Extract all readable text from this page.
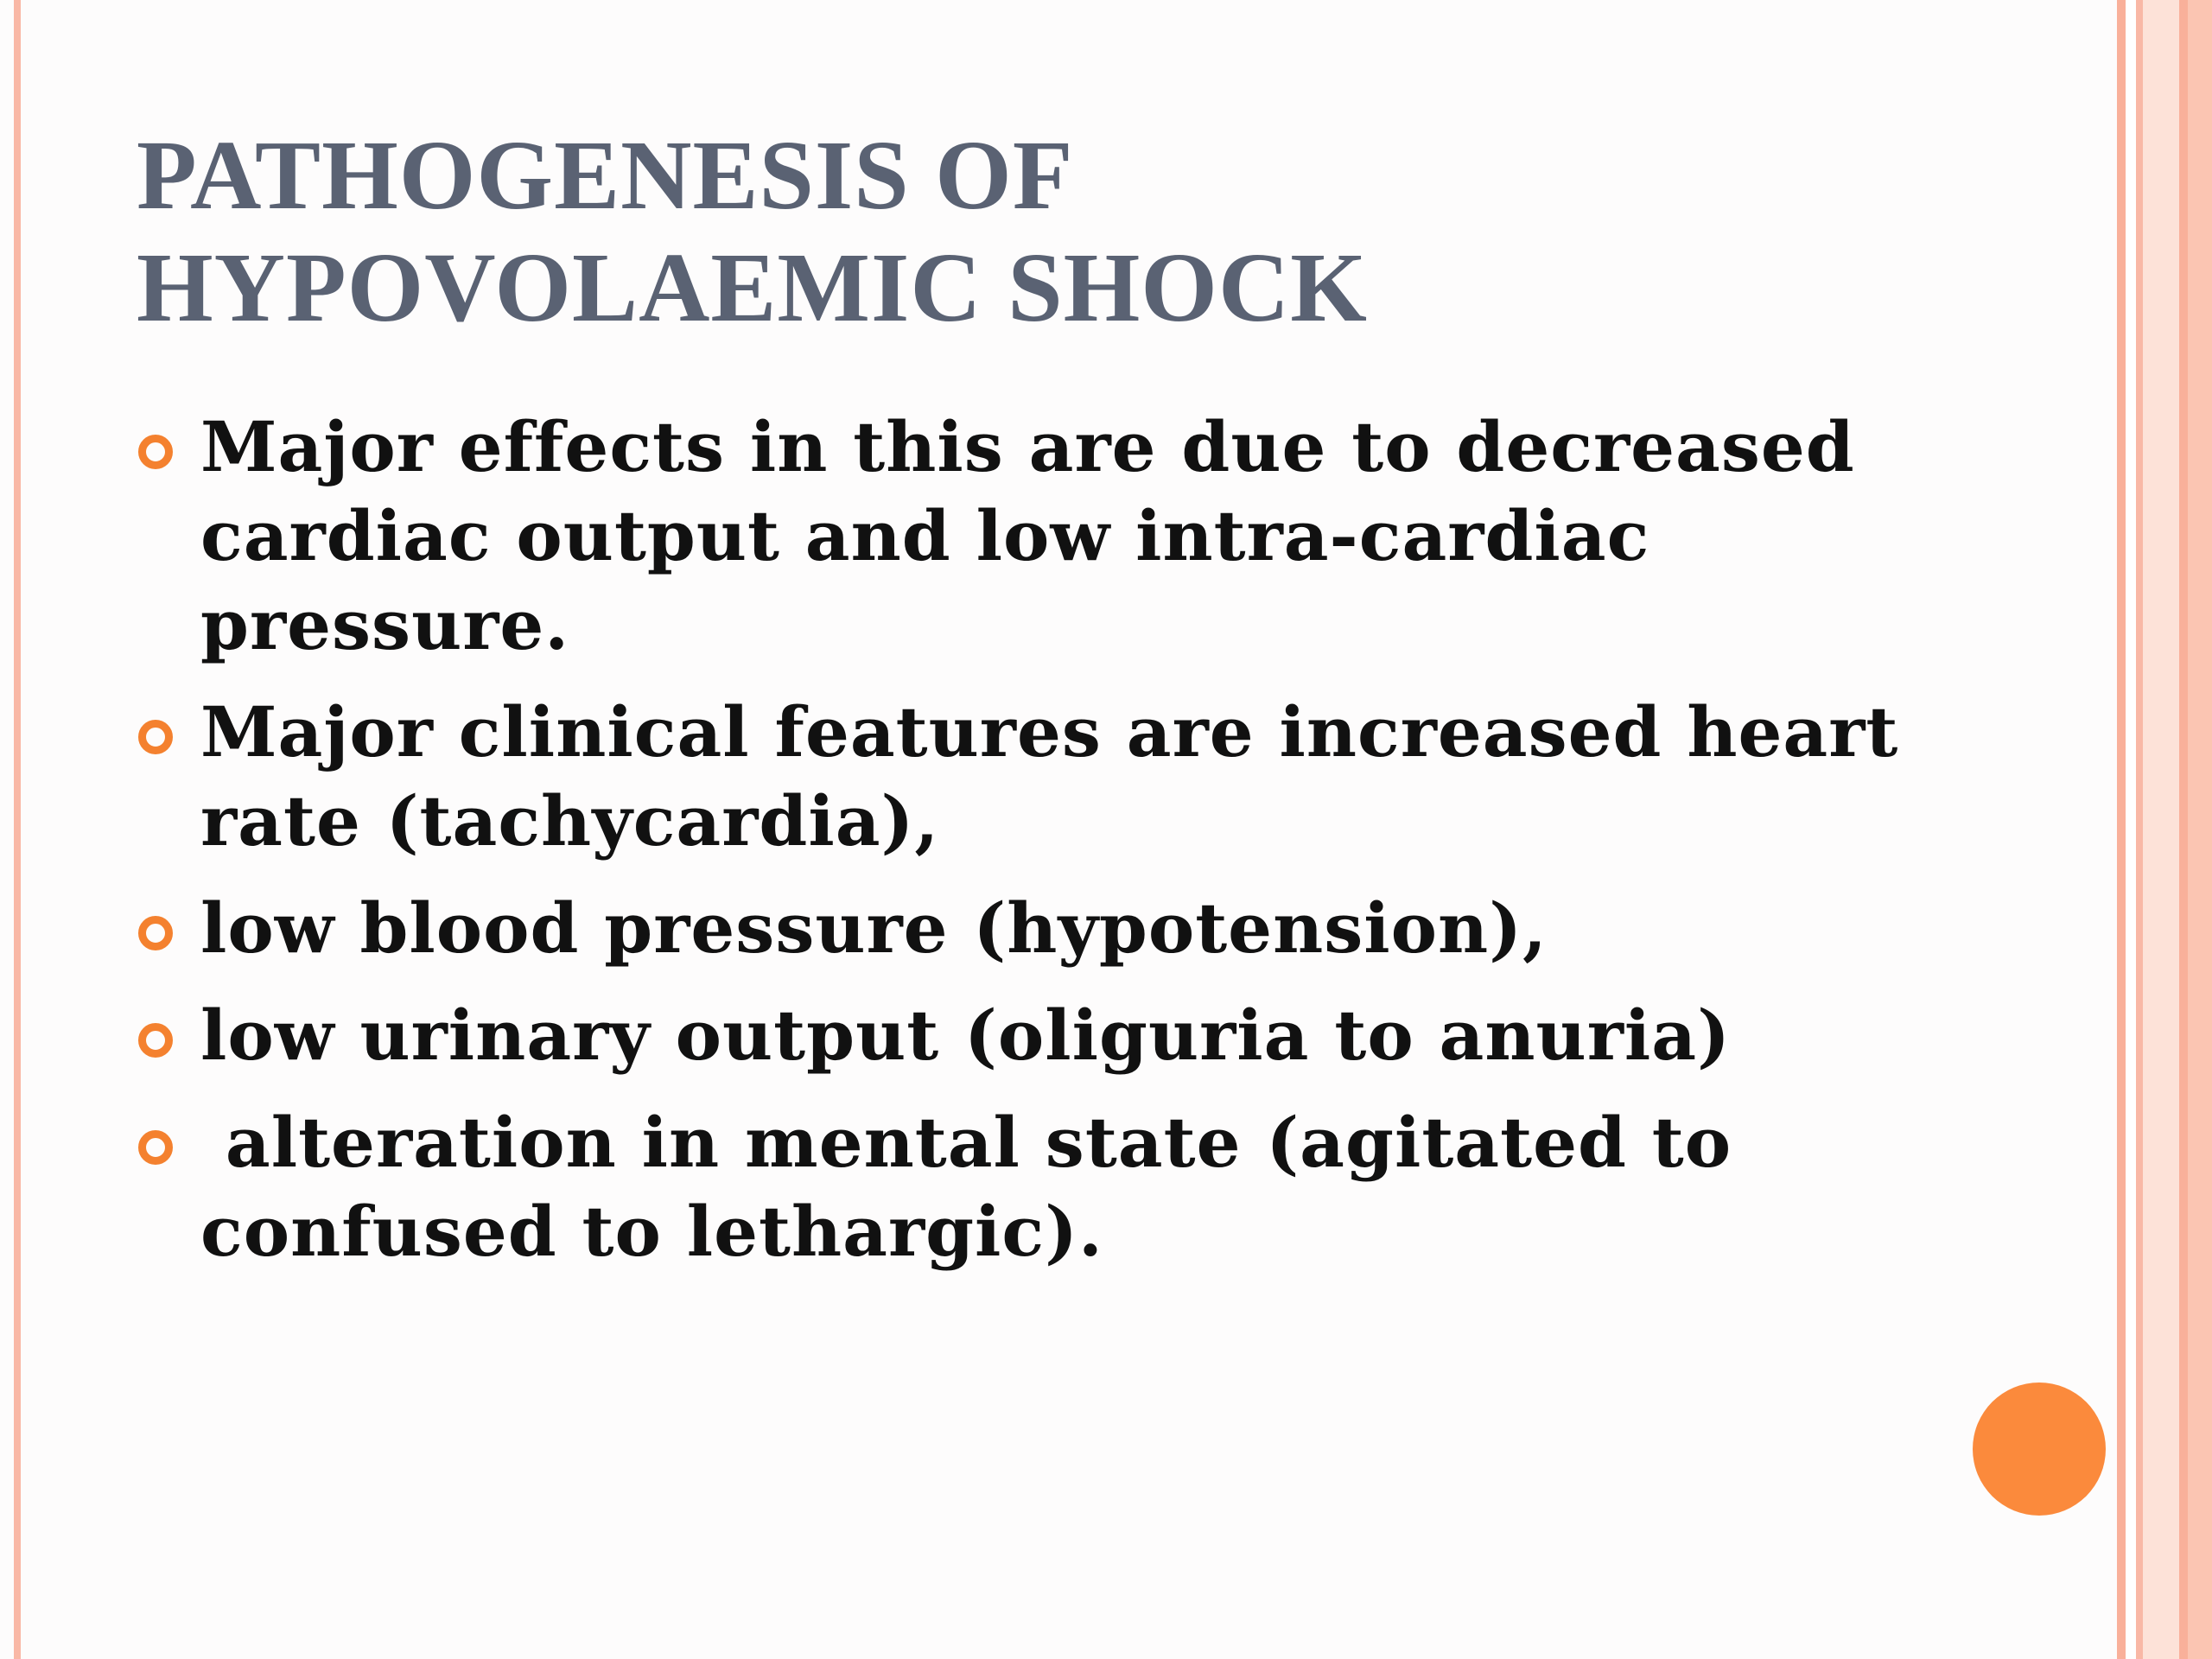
PATHOGENESIS OF
HYPOVOLAEMIC SHOCK
Major effects in this are due to decreased
cardiac output and low intra-cardiac
pressure.
Major clinical features are increased heart
rate (tachycardia),
low blood pressure (hypotension),
low urinary output (oliguria to anuria)
alteration in mental state (agitated to
confused to lethargic).
